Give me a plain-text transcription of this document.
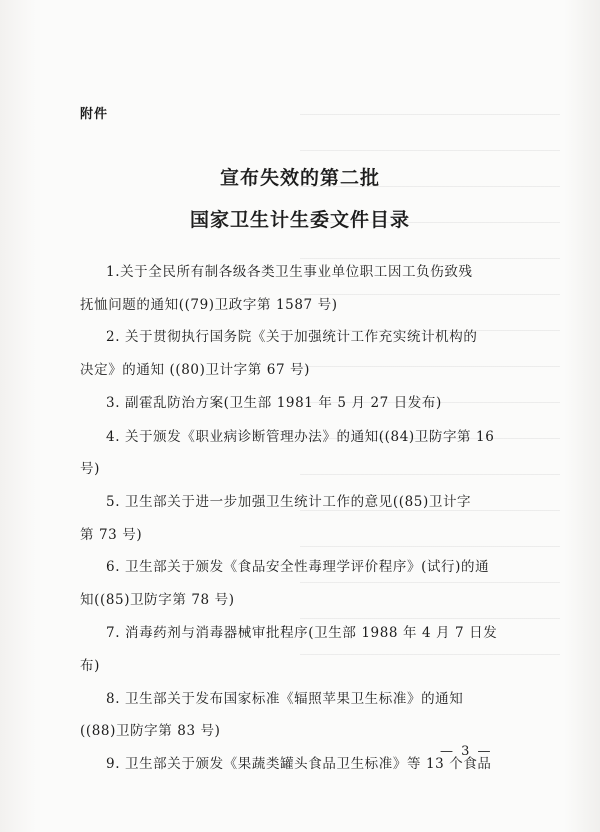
附件
宣布失效的第二批
国家卫生计生委文件目录
1.关于全民所有制各级各类卫生事业单位职工因工负伤致残
抚恤问题的通知((79)卫政字第 1587 号)
2. 关于贯彻执行国务院《关于加强统计工作充实统计机构的
决定》的通知 ((80)卫计字第 67 号)
3. 副霍乱防治方案(卫生部 1981 年 5 月 27 日发布)
4. 关于颁发《职业病诊断管理办法》的通知((84)卫防字第 16
号)
5. 卫生部关于进一步加强卫生统计工作的意见((85)卫计字
第 73 号)
6. 卫生部关于颁发《食品安全性毒理学评价程序》(试行)的通
知((85)卫防字第 78 号)
7. 消毒药剂与消毒器械审批程序(卫生部 1988 年 4 月 7 日发
布)
8. 卫生部关于发布国家标准《辐照苹果卫生标准》的通知
((88)卫防字第 83 号)
9. 卫生部关于颁发《果蔬类罐头食品卫生标准》等 13 个食品
— 3 —
